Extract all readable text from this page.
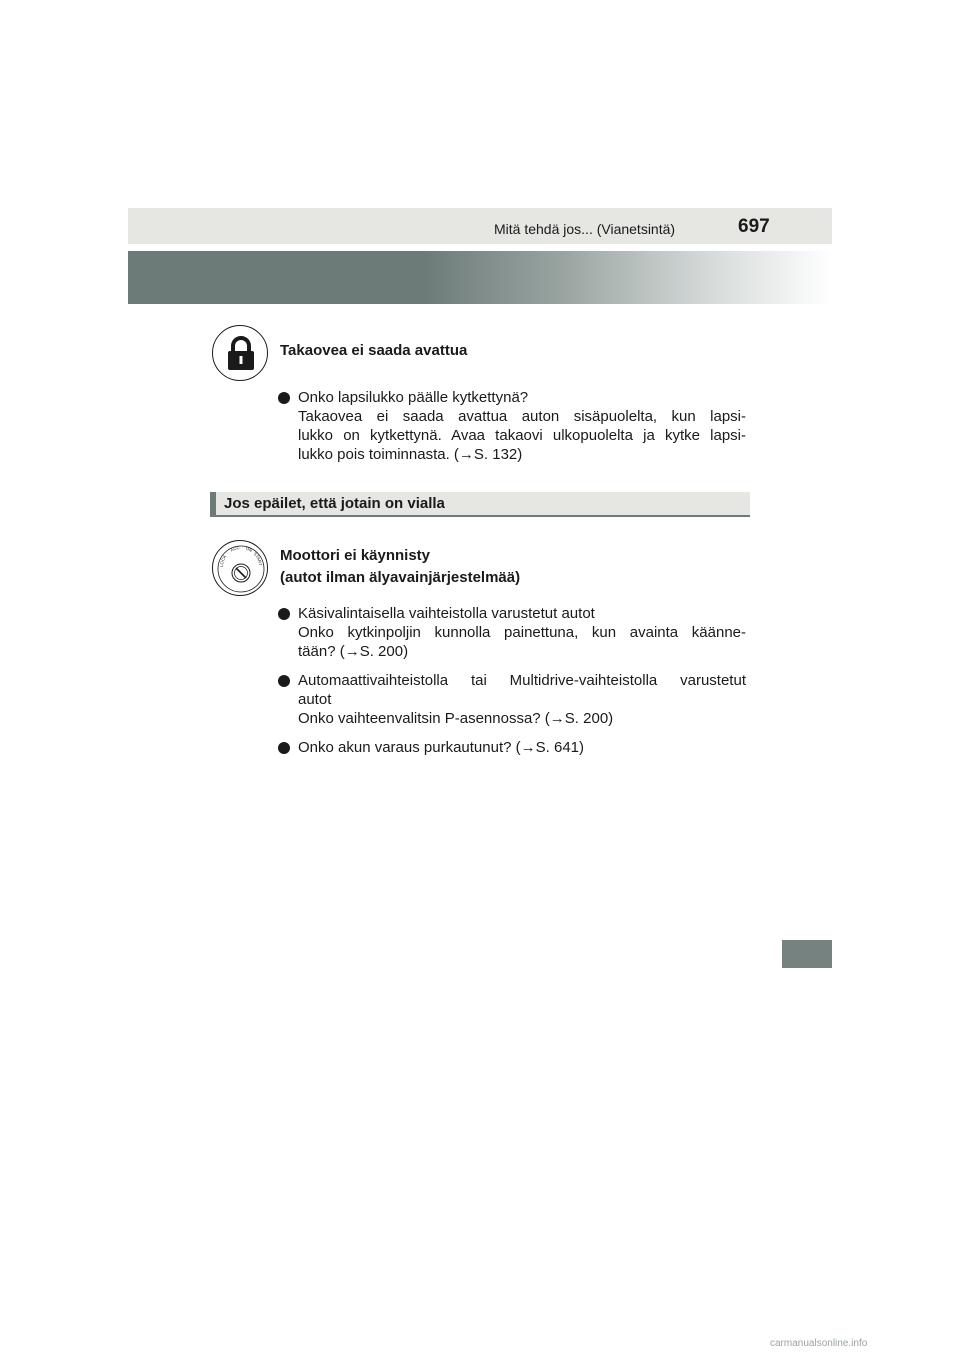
Mitä tehdä jos... (Vianetsintä)	697
Takaovea ei saada avattua
Onko lapsilukko päälle kytkettynä?
Takaovea ei saada avattua auton sisäpuolelta, kun lapsi-
lukko on kytkettynä. Avaa takaovi ulkopuolelta ja kytke lapsi-
lukko pois toiminnasta. (→S. 132)
Jos epäilet, että jotain on vialla
LOCK
ACC ON
START
Moottori ei käynnisty
(autot ilman älyavainjärjestelmää)
Käsivalintaisella vaihteistolla varustetut autot
Onko kytkinpoljin kunnolla painettuna, kun avainta käänne-
tään? (→S. 200)
Automaattivaihteistolla tai Multidrive-vaihteistolla varustetut
autot
Onko vaihteenvalitsin P-asennossa? (→S. 200)
Onko akun varaus purkautunut? (→S. 641)
carmanualsonline.info
